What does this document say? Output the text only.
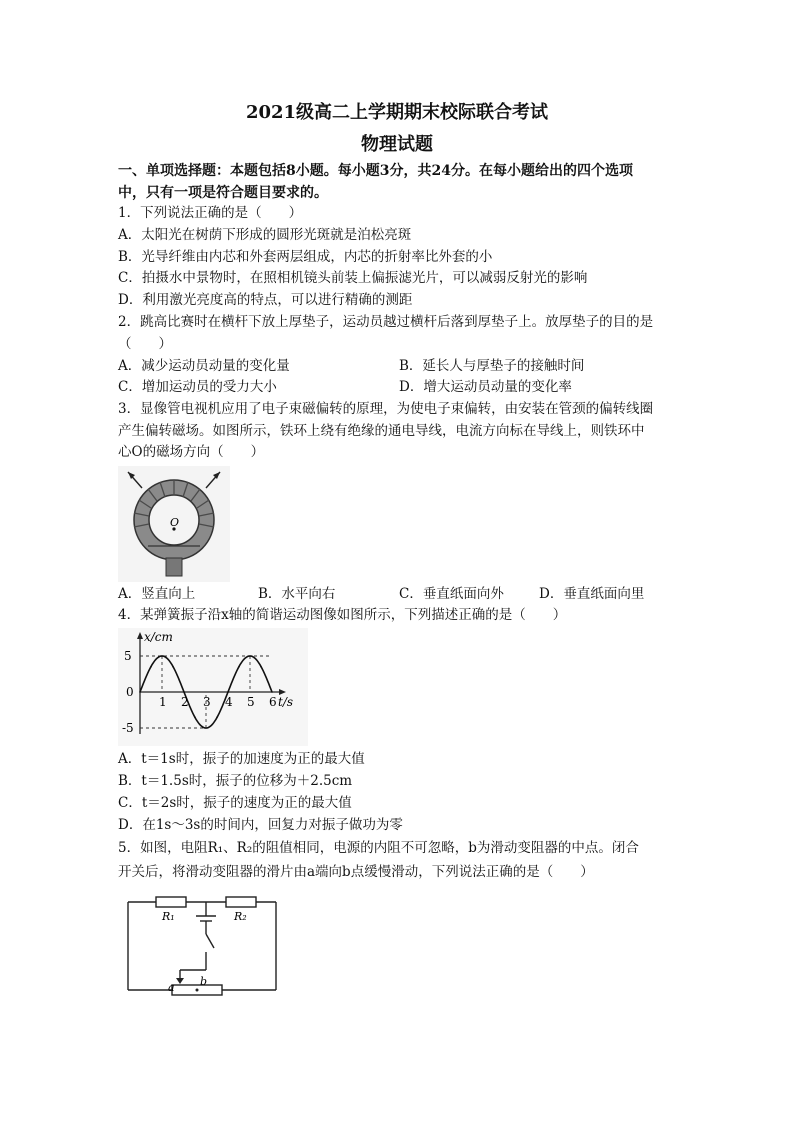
2021级高二上学期期末校际联合考试
物理试题
一、单项选择题：本题包括8小题。每小题3分，共24分。在每小题给出的四个选项
中，只有一项是符合题目要求的。
1．下列说法正确的是（　　）
A．太阳光在树荫下形成的圆形光斑就是泊松亮斑
B．光导纤维由内芯和外套两层组成，内芯的折射率比外套的小
C．拍摄水中景物时，在照相机镜头前装上偏振滤光片，可以减弱反射光的影响
D．利用激光亮度高的特点，可以进行精确的测距
2．跳高比赛时在横杆下放上厚垫子，运动员越过横杆后落到厚垫子上。放厚垫子的目的是
（　　）
A．减少运动员动量的变化量	B．延长人与厚垫子的接触时间
C．增加运动员的受力大小	D．增大运动员动量的变化率
3．显像管电视机应用了电子束磁偏转的原理，为使电子束偏转，由安装在管颈的偏转线圈
产生偏转磁场。如图所示，铁环上绕有绝缘的通电导线，电流方向标在导线上，则铁环中
心O的磁场方向（　　）
O
A．竖直向上	B．水平向右	C．垂直纸面向外	D．垂直纸面向里
4．某弹簧振子沿x轴的简谐运动图像如图所示，下列描述正确的是（　　）
1 2 3 4 5 6 t/s
x/cm
5
0
-5
A．t＝1s时，振子的加速度为正的最大值
B．t＝1.5s时，振子的位移为＋2.5cm
C．t＝2s时，振子的速度为正的最大值
D．在1s～3s的时间内，回复力对振子做功为零
5．如图，电阻R₁、R₂的阻值相同，电源的内阻不可忽略，b为滑动变阻器的中点。闭合
开关后，将滑动变阻器的滑片由a端向b点缓慢滑动，下列说法正确的是（　　）
R₁	R₂
a b
